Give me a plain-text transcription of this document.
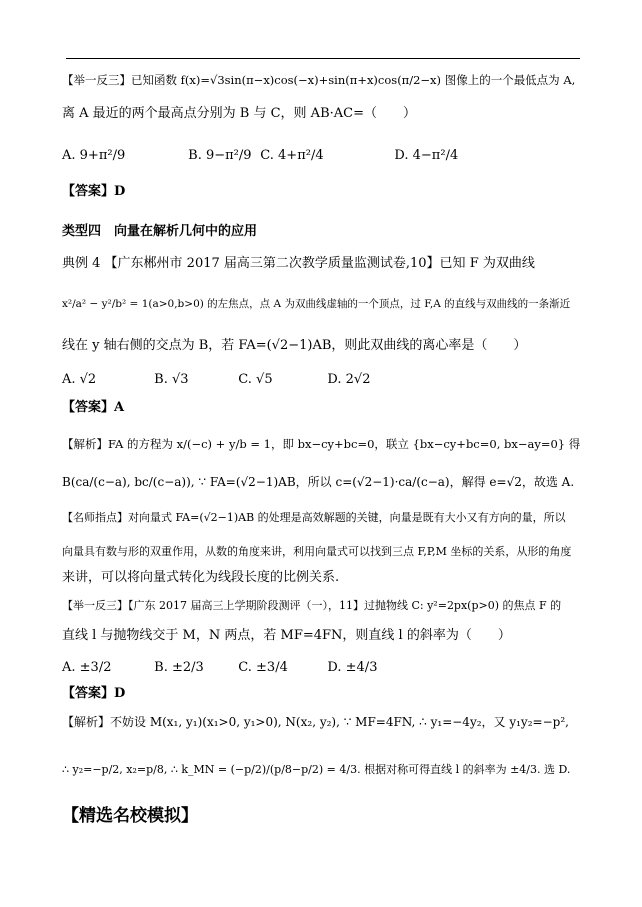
【举一反三】已知函数 f(x)=√3sin(π−x)cos(−x)+sin(π+x)cos(π/2−x) 图像上的一个最低点为 A,
离 A 最近的两个最高点分别为 B 与 C，则 AB·AC=（　　）
A. 9+π²/9	B. 9−π²/9 C. 4+π²/4	D. 4−π²/4
【答案】D
类型四　向量在解析几何中的应用
典例 4 【广东郴州市 2017 届高三第二次教学质量监测试卷,10】已知 F 为双曲线
x²/a² − y²/b² = 1(a>0,b>0) 的左焦点，点 A 为双曲线虚轴的一个顶点，过 F,A 的直线与双曲线的一条渐近
线在 y 轴右侧的交点为 B，若 FA=(√2−1)AB，则此双曲线的离心率是（　　）
A. √2	B. √3	C. √5	D. 2√2
【答案】A
【解析】FA 的方程为 x/(−c) + y/b = 1，即 bx−cy+bc=0，联立 {bx−cy+bc=0, bx−ay=0} 得
B(ca/(c−a), bc/(c−a)), ∵ FA=(√2−1)AB，所以 c=(√2−1)·ca/(c−a)，解得 e=√2，故选 A.
【名师指点】对向量式 FA=(√2−1)AB 的处理是高效解题的关键，向量是既有大小又有方向的量，所以
向量具有数与形的双重作用，从数的角度来讲，利用向量式可以找到三点 F,P,M 坐标的关系，从形的角度
来讲，可以将向量式转化为线段长度的比例关系.
【举一反三】【广东 2017 届高三上学期阶段测评（一），11】过抛物线 C: y²=2px(p>0) 的焦点 F 的
直线 l 与抛物线交于 M，N 两点，若 MF=4FN，则直线 l 的斜率为（　　）
A. ±3/2	B. ±2/3	C. ±3/4	D. ±4/3
【答案】D
【解析】不妨设 M(x₁, y₁)(x₁>0, y₁>0), N(x₂, y₂), ∵ MF=4FN, ∴ y₁=−4y₂，又 y₁y₂=−p²,
∴ y₂=−p/2, x₂=p/8, ∴ k_MN = (−p/2)/(p/8−p/2) = 4/3. 根据对称可得直线 l 的斜率为 ±4/3. 选 D.
【精选名校模拟】
